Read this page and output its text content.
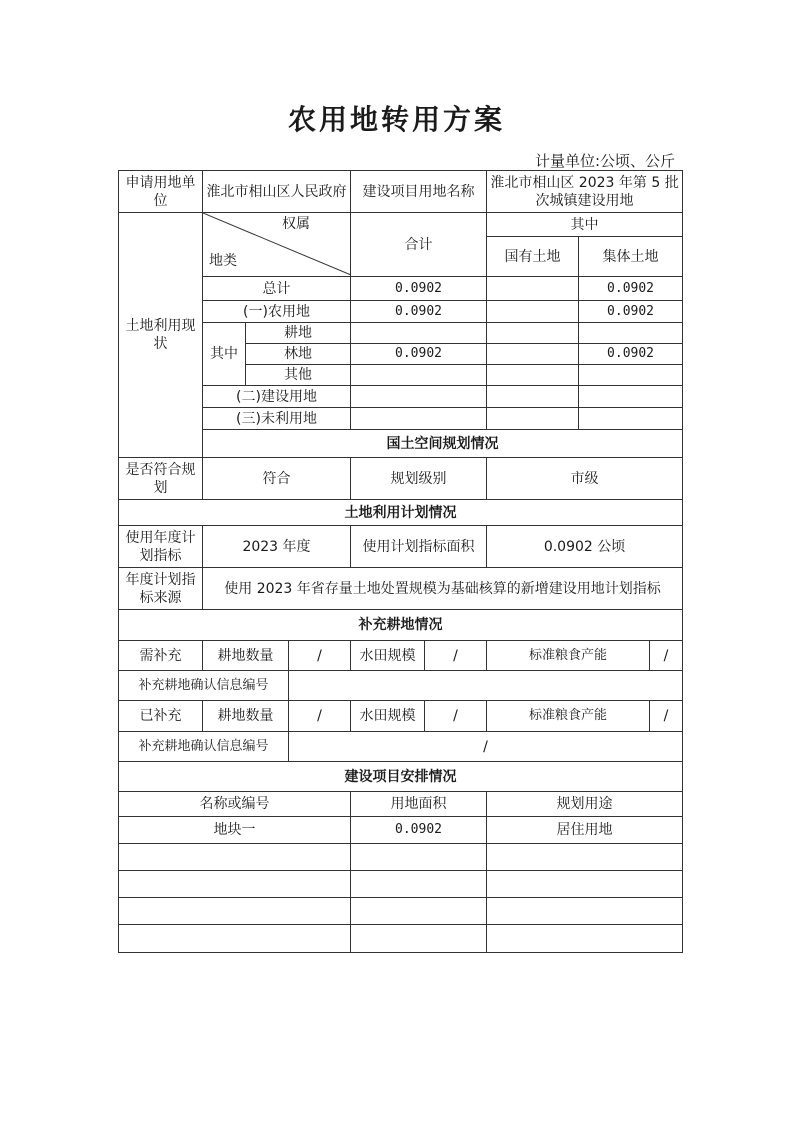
农用地转用方案
计量单位:公顷、公斤
申请用地单位	淮北市相山区人民政府			建设项目用地名称		淮北市相山区 2023 年第 5 批次城镇建设用地		
土地利用现状	权属
地类			合计		其中		
						国有土地	集体土地	
	总计			0.0902			0.0902	
	(一)农用地			0.0902			0.0902	
	其中	耕地						
		林地		0.0902			0.0902	
		其他						
	(二)建设用地							
	(三)未利用地							
	国土空间规划情况							
是否符合规划	符合			规划级别		市级		
土地利用计划情况								
使用年度计划指标	2023 年度			使用计划指标面积		0.0902 公顷		
年度计划指标来源	使用 2023 年省存量土地处置规模为基础核算的新增建设用地计划指标							
补充耕地情况								
需补充	耕地数量		/	水田规模	/	标准粮食产能		/
补充耕地确认信息编号								
已补充	耕地数量		/	水田规模	/	标准粮食产能		/
补充耕地确认信息编号			/					
建设项目安排情况								
名称或编号				用地面积		规划用途		
地块一				0.0902		居住用地		
